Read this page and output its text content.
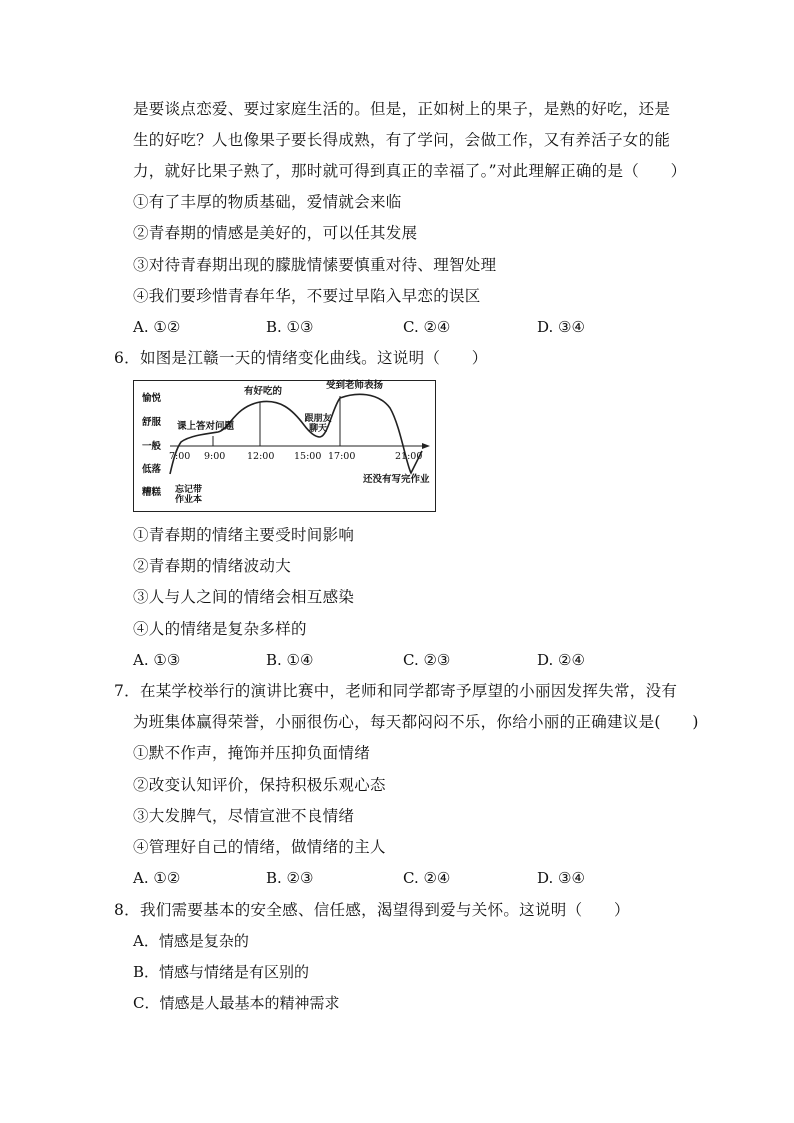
是要谈点恋爱、要过家庭生活的。但是，正如树上的果子，是熟的好吃，还是
生的好吃？人也像果子要长得成熟，有了学问，会做工作，又有养活子女的能
力，就好比果子熟了，那时就可得到真正的幸福了。”对此理解正确的是（　　）
①有了丰厚的物质基础，爱情就会来临
②青春期的情感是美好的，可以任其发展
③对待青春期出现的朦胧情愫要慎重对待、理智处理
④我们要珍惜青春年华，不要过早陷入早恋的误区
A. ①②	B. ①③	C. ②④	D. ③④
6．如图是江赣一天的情绪变化曲线。这说明（　　）
愉悦
舒服
一般
低落
糟糕
7:00 9:00 12:00 15:00 17:00	21:00
课上答对问题
有好吃的
跟朋友聊天
受到老师表扬
忘记带作业本
还没有写完作业
①青春期的情绪主要受时间影响
②青春期的情绪波动大
③人与人之间的情绪会相互感染
④人的情绪是复杂多样的
A. ①③	B. ①④	C. ②③	D. ②④
7．在某学校举行的演讲比赛中，老师和同学都寄予厚望的小丽因发挥失常，没有
为班集体赢得荣誉，小丽很伤心，每天都闷闷不乐，你给小丽的正确建议是(　　)
①默不作声，掩饰并压抑负面情绪
②改变认知评价，保持积极乐观心态
③大发脾气，尽情宣泄不良情绪
④管理好自己的情绪，做情绪的主人
A. ①②	B. ②③	C. ②④	D. ③④
8．我们需要基本的安全感、信任感，渴望得到爱与关怀。这说明（　　）
A．情感是复杂的
B．情感与情绪是有区别的
C．情感是人最基本的精神需求
